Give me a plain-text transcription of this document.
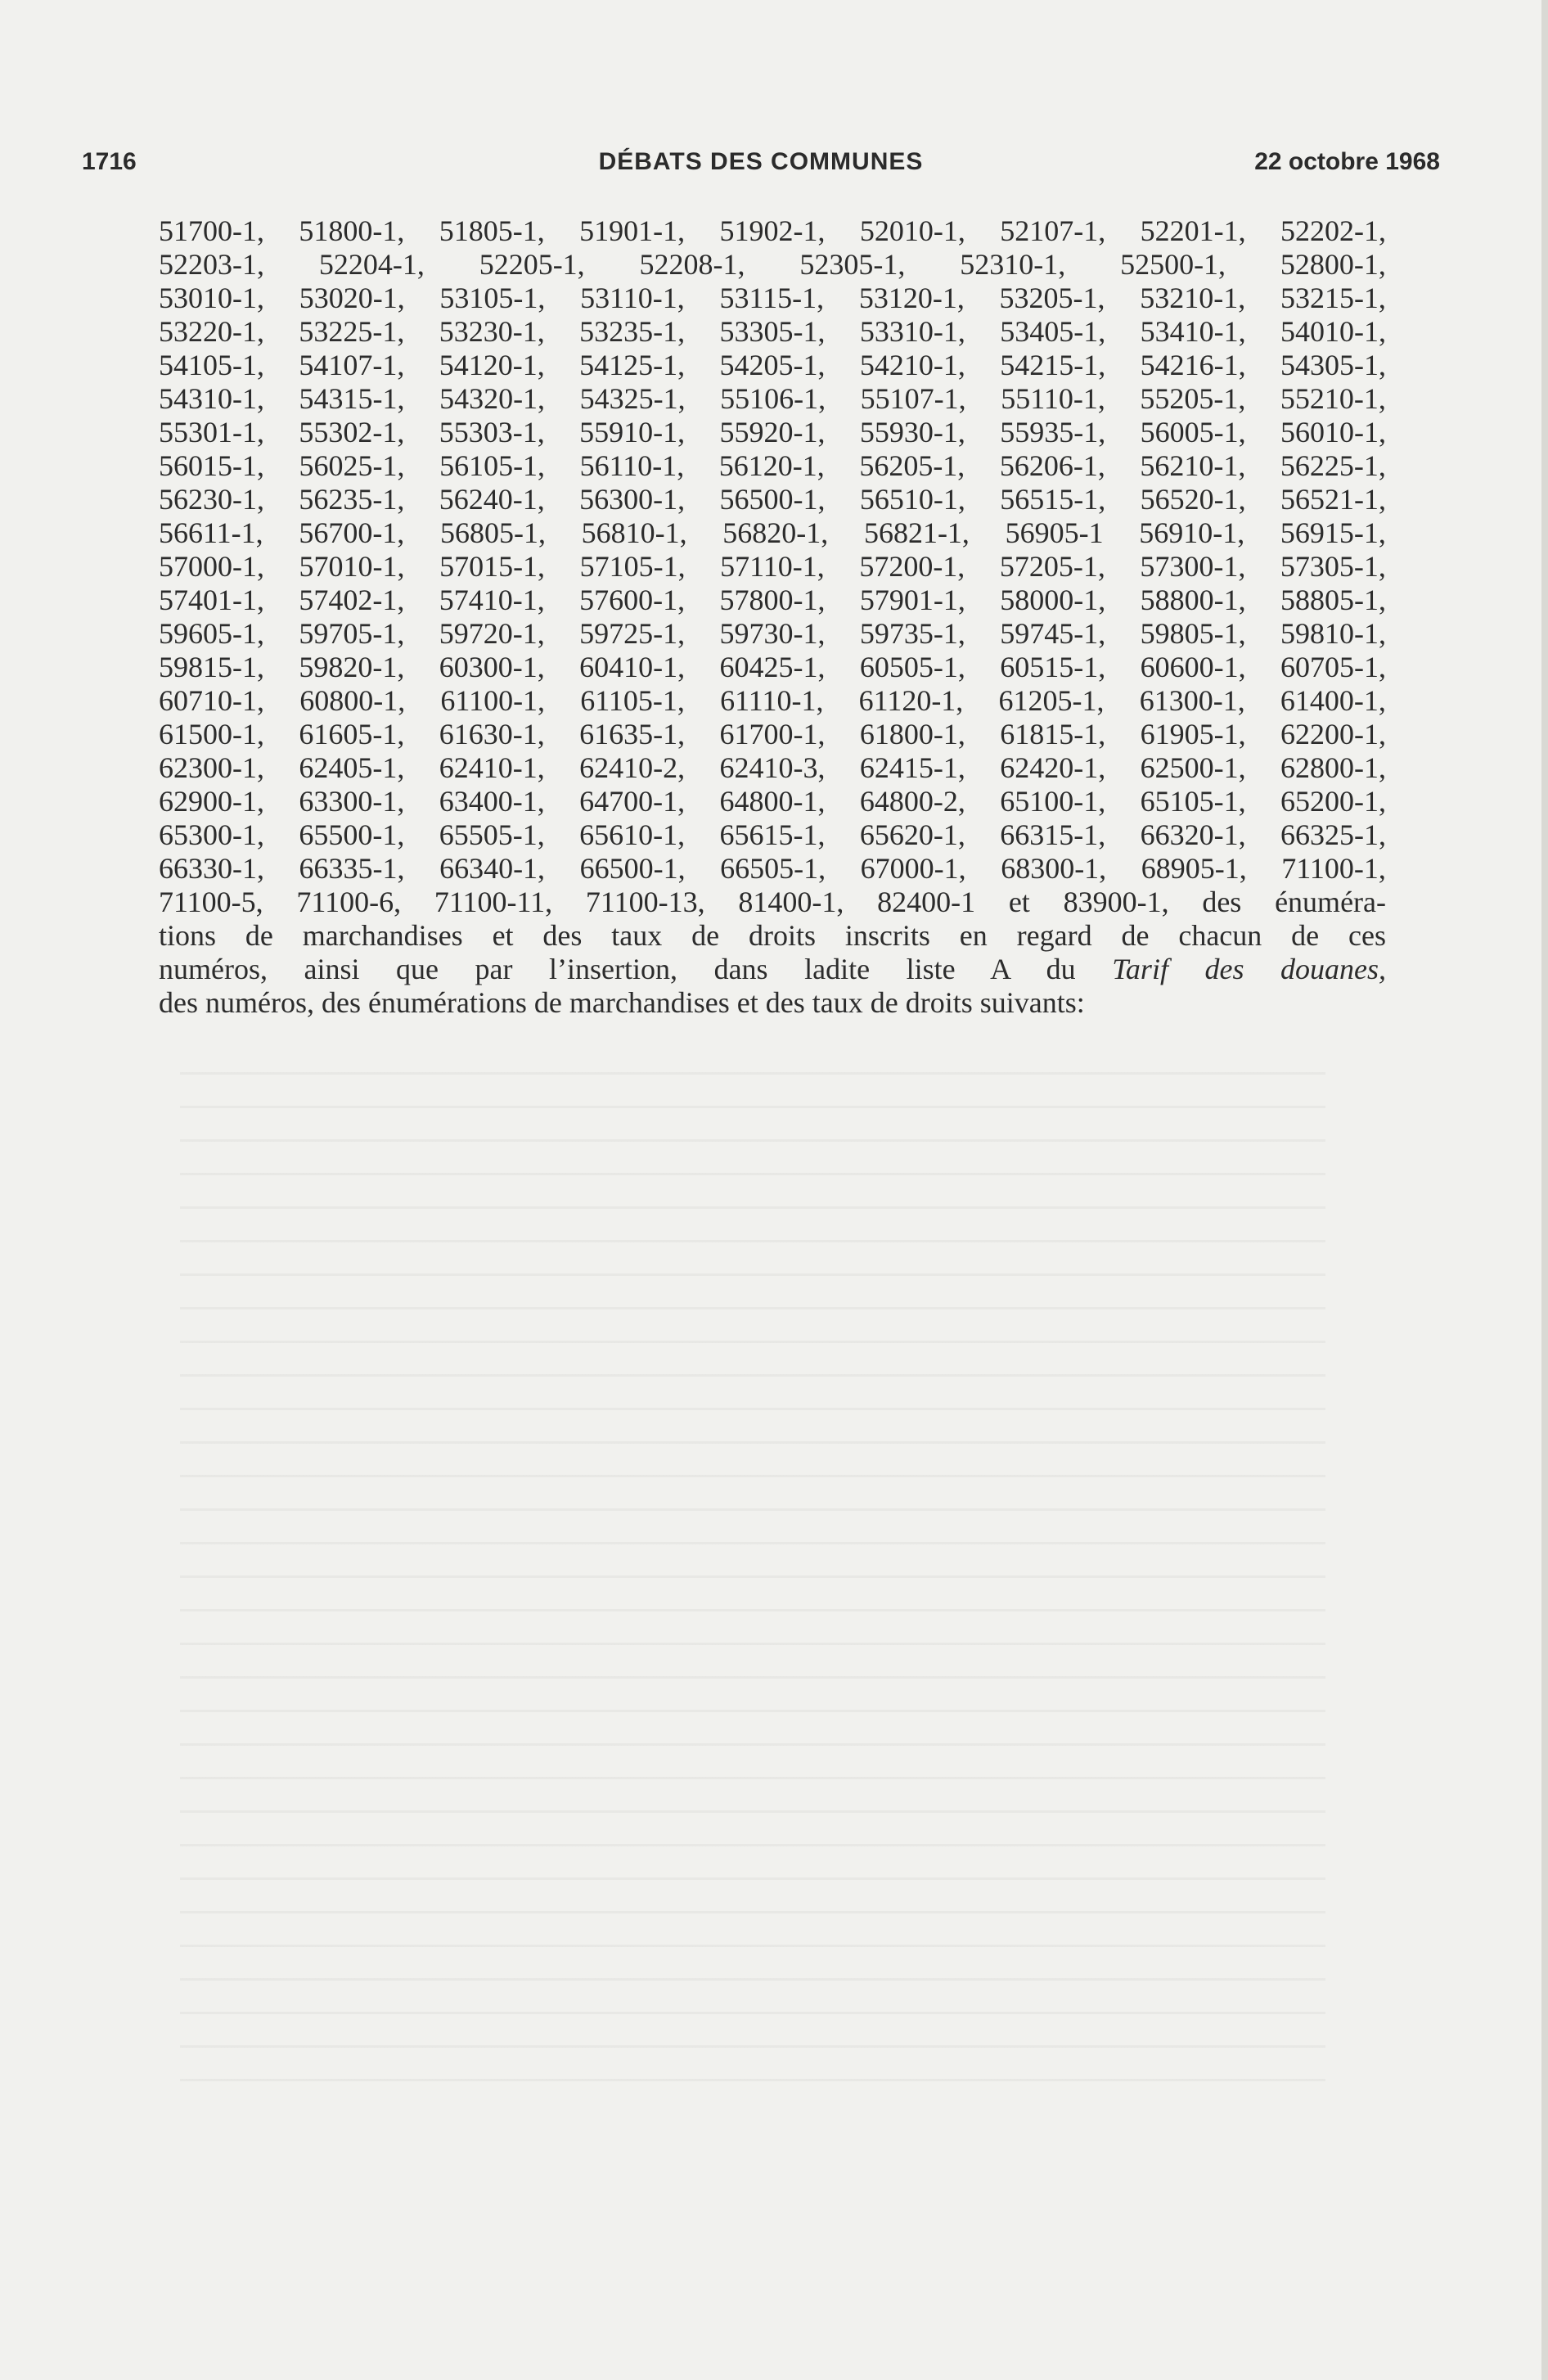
1716	DÉBATS DES COMMUNES	22 octobre 1968
51700-1, 51800-1, 51805-1, 51901-1, 51902-1, 52010-1, 52107-1, 52201-1, 52202-1,
52203-1, 52204-1, 52205-1, 52208-1, 52305-1, 52310-1, 52500-1, 52800-1,
53010-1, 53020-1, 53105-1, 53110-1, 53115-1, 53120-1, 53205-1, 53210-1, 53215-1,
53220-1, 53225-1, 53230-1, 53235-1, 53305-1, 53310-1, 53405-1, 53410-1, 54010-1,
54105-1, 54107-1, 54120-1, 54125-1, 54205-1, 54210-1, 54215-1, 54216-1, 54305-1,
54310-1, 54315-1, 54320-1, 54325-1, 55106-1, 55107-1, 55110-1, 55205-1, 55210-1,
55301-1, 55302-1, 55303-1, 55910-1, 55920-1, 55930-1, 55935-1, 56005-1, 56010-1,
56015-1, 56025-1, 56105-1, 56110-1, 56120-1, 56205-1, 56206-1, 56210-1, 56225-1,
56230-1, 56235-1, 56240-1, 56300-1, 56500-1, 56510-1, 56515-1, 56520-1, 56521-1,
56611-1, 56700-1, 56805-1, 56810-1, 56820-1, 56821-1, 56905-1 56910-1, 56915-1,
57000-1, 57010-1, 57015-1, 57105-1, 57110-1, 57200-1, 57205-1, 57300-1, 57305-1,
57401-1, 57402-1, 57410-1, 57600-1, 57800-1, 57901-1, 58000-1, 58800-1, 58805-1,
59605-1, 59705-1, 59720-1, 59725-1, 59730-1, 59735-1, 59745-1, 59805-1, 59810-1,
59815-1, 59820-1, 60300-1, 60410-1, 60425-1, 60505-1, 60515-1, 60600-1, 60705-1,
60710-1, 60800-1, 61100-1, 61105-1, 61110-1, 61120-1, 61205-1, 61300-1, 61400-1,
61500-1, 61605-1, 61630-1, 61635-1, 61700-1, 61800-1, 61815-1, 61905-1, 62200-1,
62300-1, 62405-1, 62410-1, 62410-2, 62410-3, 62415-1, 62420-1, 62500-1, 62800-1,
62900-1, 63300-1, 63400-1, 64700-1, 64800-1, 64800-2, 65100-1, 65105-1, 65200-1,
65300-1, 65500-1, 65505-1, 65610-1, 65615-1, 65620-1, 66315-1, 66320-1, 66325-1,
66330-1, 66335-1, 66340-1, 66500-1, 66505-1, 67000-1, 68300-1, 68905-1, 71100-1,
71100-5, 71100-6, 71100-11, 71100-13, 81400-1, 82400-1 et 83900-1, des énuméra-
tions de marchandises et des taux de droits inscrits en regard de chacun de ces
numéros, ainsi que par l’insertion, dans ladite liste A du Tarif des douanes,
des numéros, des énumérations de marchandises et des taux de droits suivants:
